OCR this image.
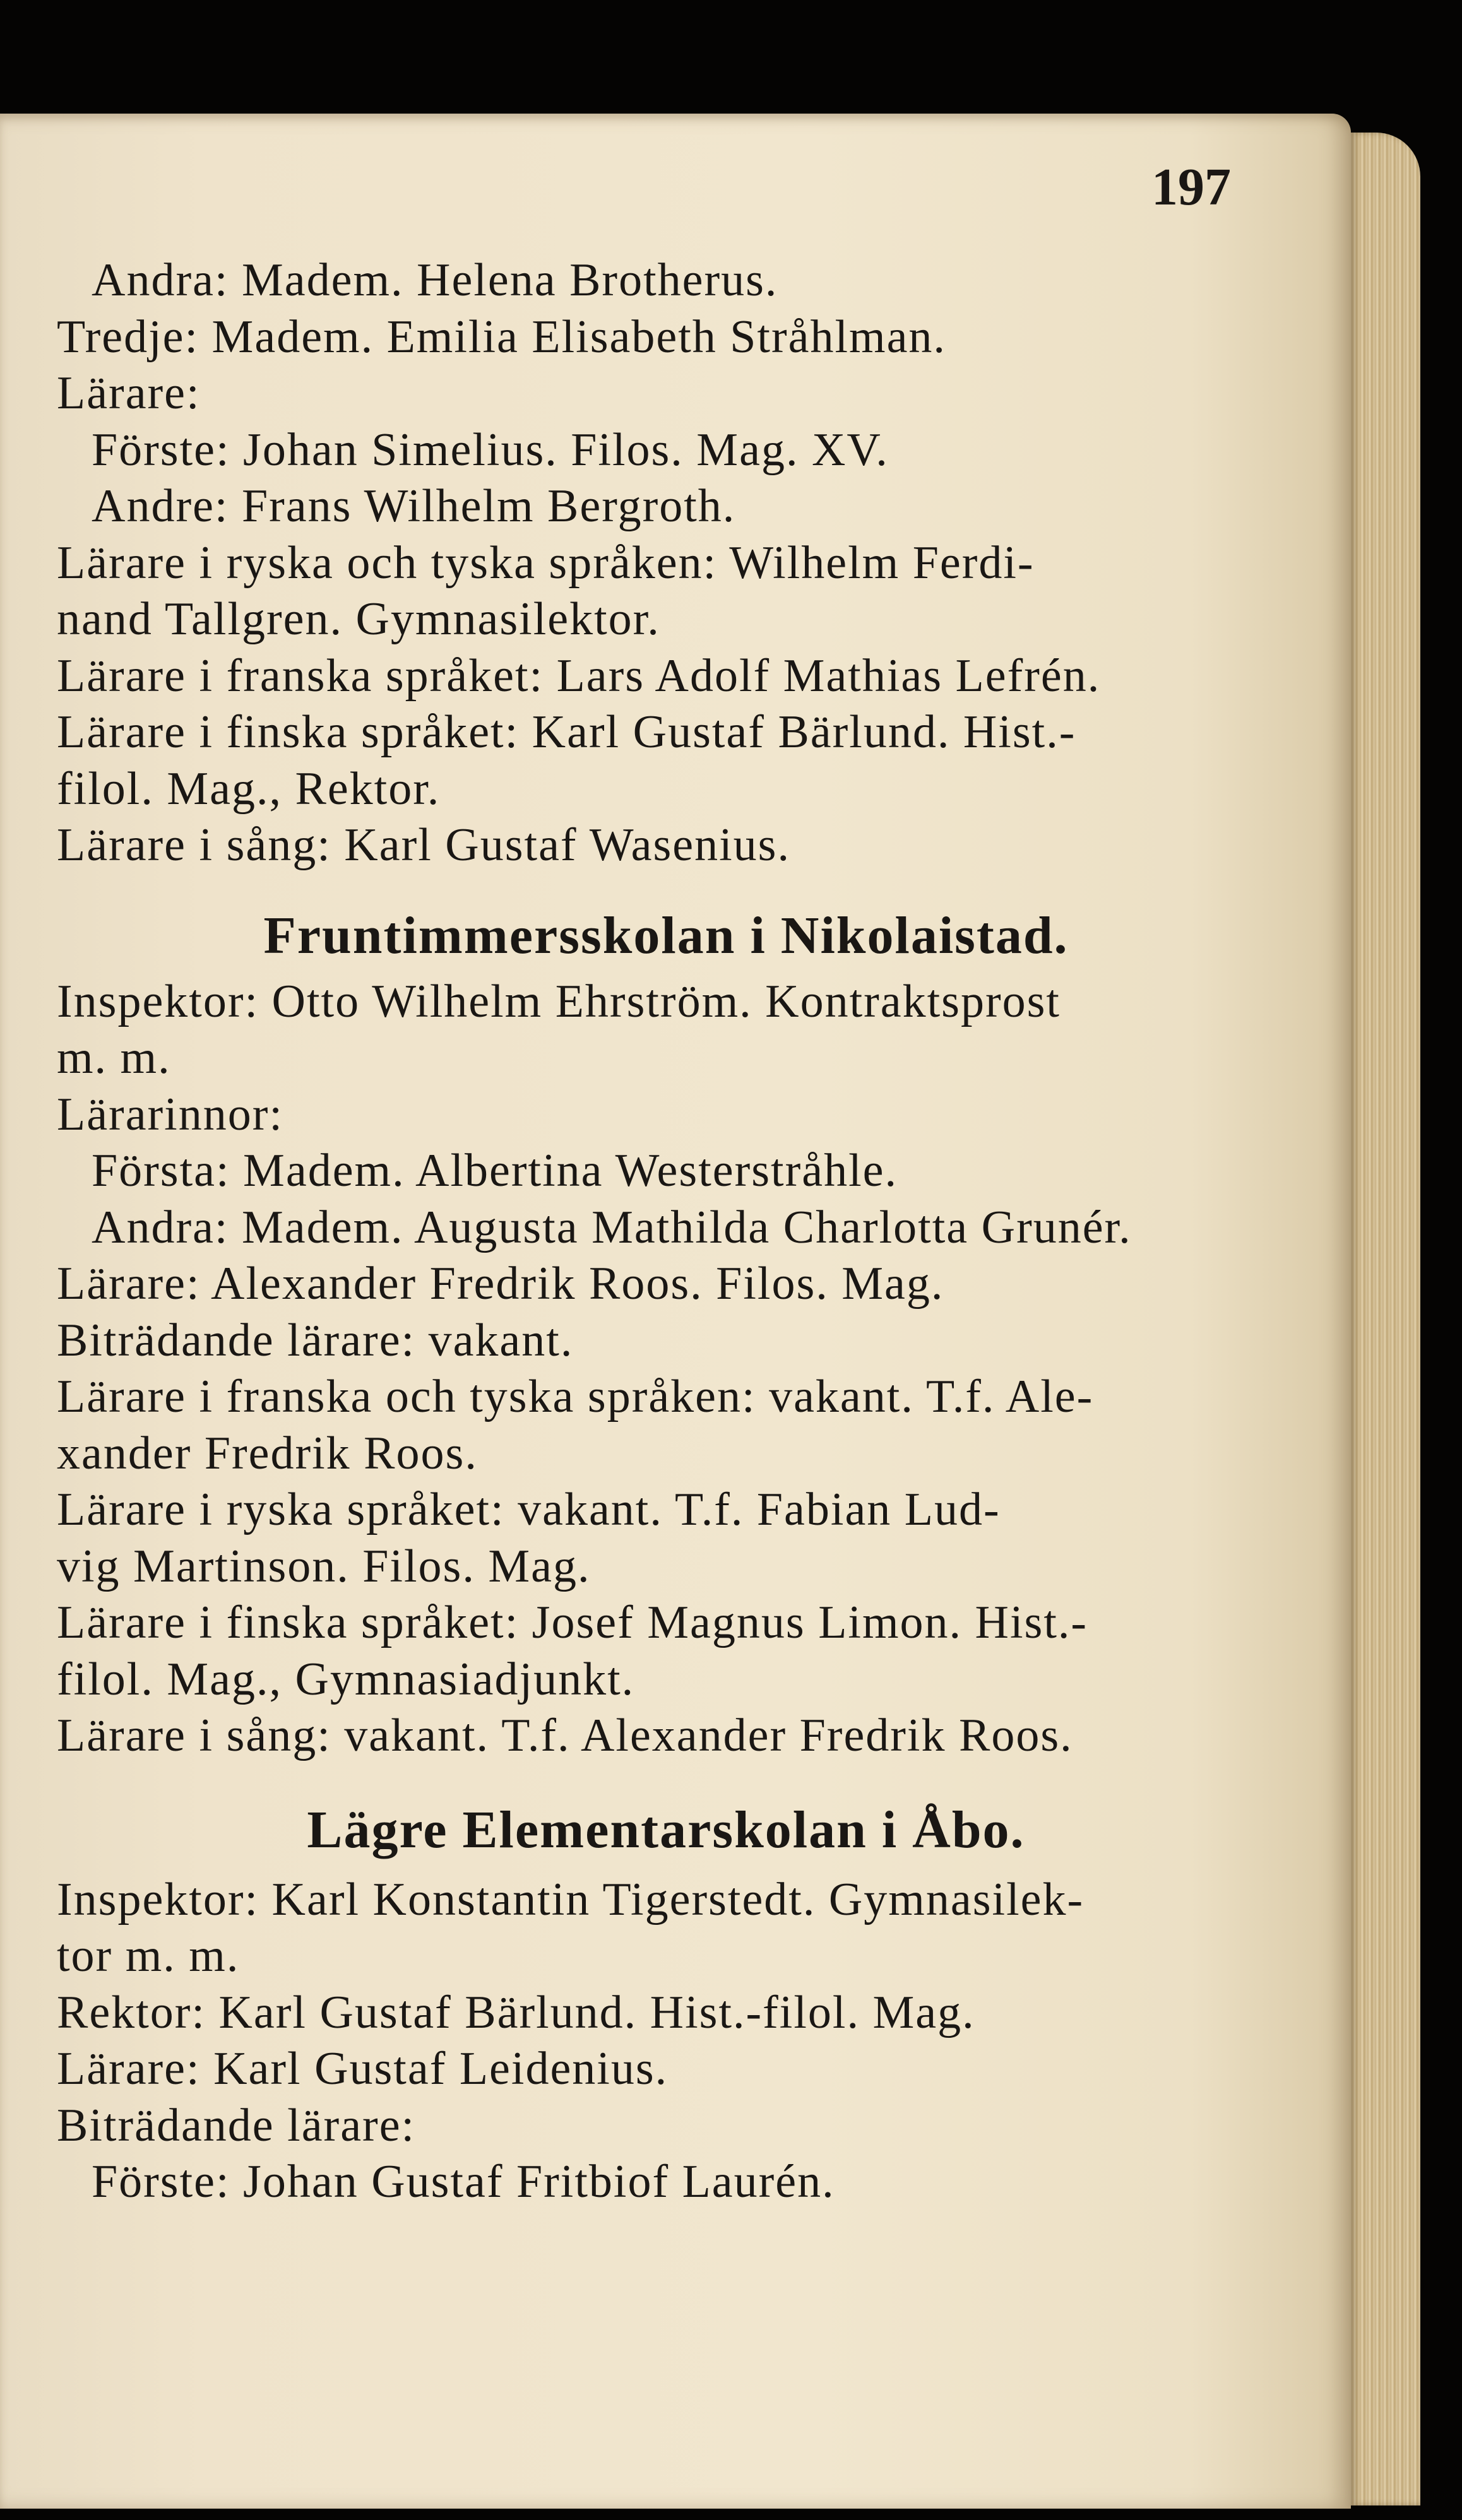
197
Andra: Madem. Helena Brotherus.
Tredje: Madem. Emilia Elisabeth Stråhlman.
Lärare:
Förste: Johan Simelius. Filos. Mag. XV.
Andre: Frans Wilhelm Bergroth.
Lärare i ryska och tyska språken: Wilhelm Ferdi-
nand Tallgren. Gymnasilektor.
Lärare i franska språket: Lars Adolf Mathias Lefrén.
Lärare i finska språket: Karl Gustaf Bärlund. Hist.-
filol. Mag., Rektor.
Lärare i sång: Karl Gustaf Wasenius.
Fruntimmersskolan i Nikolaistad.
Inspektor: Otto Wilhelm Ehrström. Kontraktsprost
m. m.
Lärarinnor:
Första: Madem. Albertina Westerstråhle.
Andra: Madem. Augusta Mathilda Charlotta Grunér.
Lärare: Alexander Fredrik Roos. Filos. Mag.
Biträdande lärare: vakant.
Lärare i franska och tyska språken: vakant. T.f. Ale-
xander Fredrik Roos.
Lärare i ryska språket: vakant. T.f. Fabian Lud-
vig Martinson. Filos. Mag.
Lärare i finska språket: Josef Magnus Limon. Hist.-
filol. Mag., Gymnasiadjunkt.
Lärare i sång: vakant. T.f. Alexander Fredrik Roos.
Lägre Elementarskolan i Åbo.
Inspektor: Karl Konstantin Tigerstedt. Gymnasilek-
tor m. m.
Rektor: Karl Gustaf Bärlund. Hist.-filol. Mag.
Lärare: Karl Gustaf Leidenius.
Biträdande lärare:
Förste: Johan Gustaf Fritbiof Laurén.
